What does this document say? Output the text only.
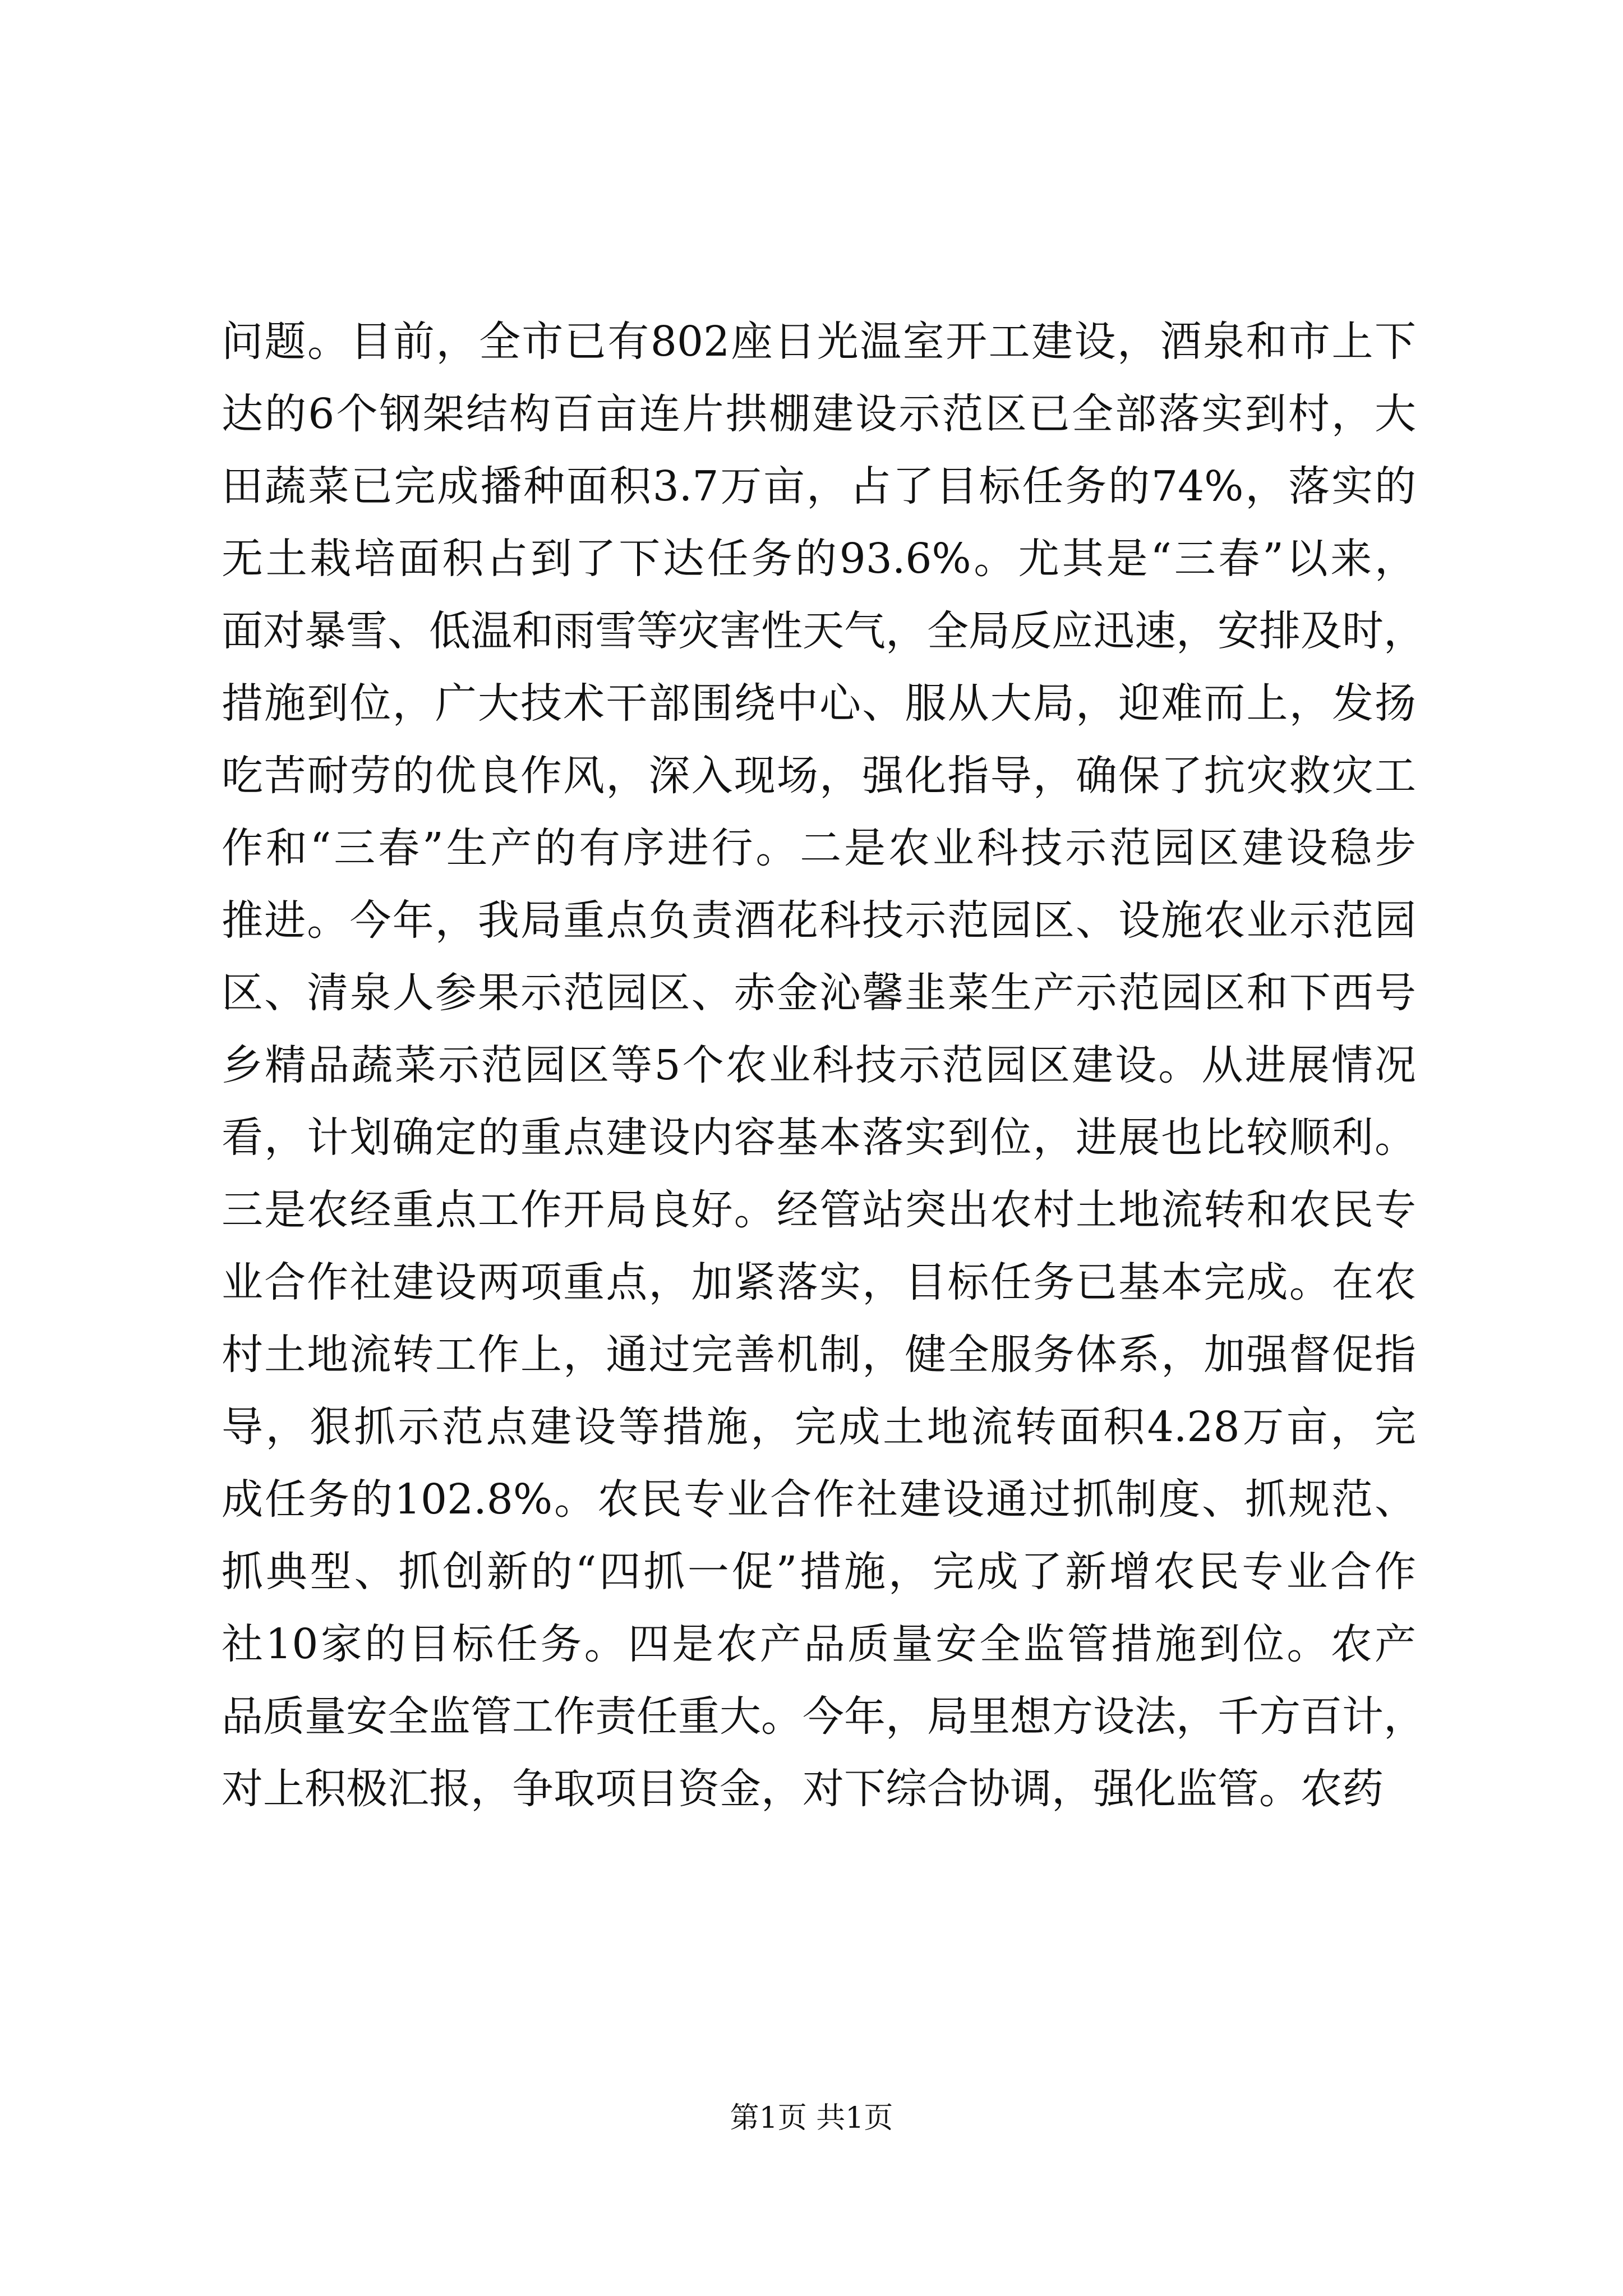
问题。目前，全市已有802座日光温室开工建设，酒泉和市上下
达的6个钢架结构百亩连片拱棚建设示范区已全部落实到村，大
田蔬菜已完成播种面积3.7万亩，占了目标任务的74%，落实的
无土栽培面积占到了下达任务的93.6%。尤其是“三春”以来，
面对暴雪、低温和雨雪等灾害性天气，全局反应迅速，安排及时，
措施到位，广大技术干部围绕中心、服从大局，迎难而上，发扬
吃苦耐劳的优良作风，深入现场，强化指导，确保了抗灾救灾工
作和“三春”生产的有序进行。二是农业科技示范园区建设稳步
推进。今年，我局重点负责酒花科技示范园区、设施农业示范园
区、清泉人参果示范园区、赤金沁馨韭菜生产示范园区和下西号
乡精品蔬菜示范园区等5个农业科技示范园区建设。从进展情况
看，计划确定的重点建设内容基本落实到位，进展也比较顺利。
三是农经重点工作开局良好。经管站突出农村土地流转和农民专
业合作社建设两项重点，加紧落实，目标任务已基本完成。在农
村土地流转工作上，通过完善机制，健全服务体系，加强督促指
导，狠抓示范点建设等措施，完成土地流转面积4.28万亩，完
成任务的102.8%。农民专业合作社建设通过抓制度、抓规范、
抓典型、抓创新的“四抓一促”措施，完成了新增农民专业合作
社10家的目标任务。四是农产品质量安全监管措施到位。农产
品质量安全监管工作责任重大。今年，局里想方设法，千方百计，
对上积极汇报，争取项目资金，对下综合协调，强化监管。农药
第1页 共1页
